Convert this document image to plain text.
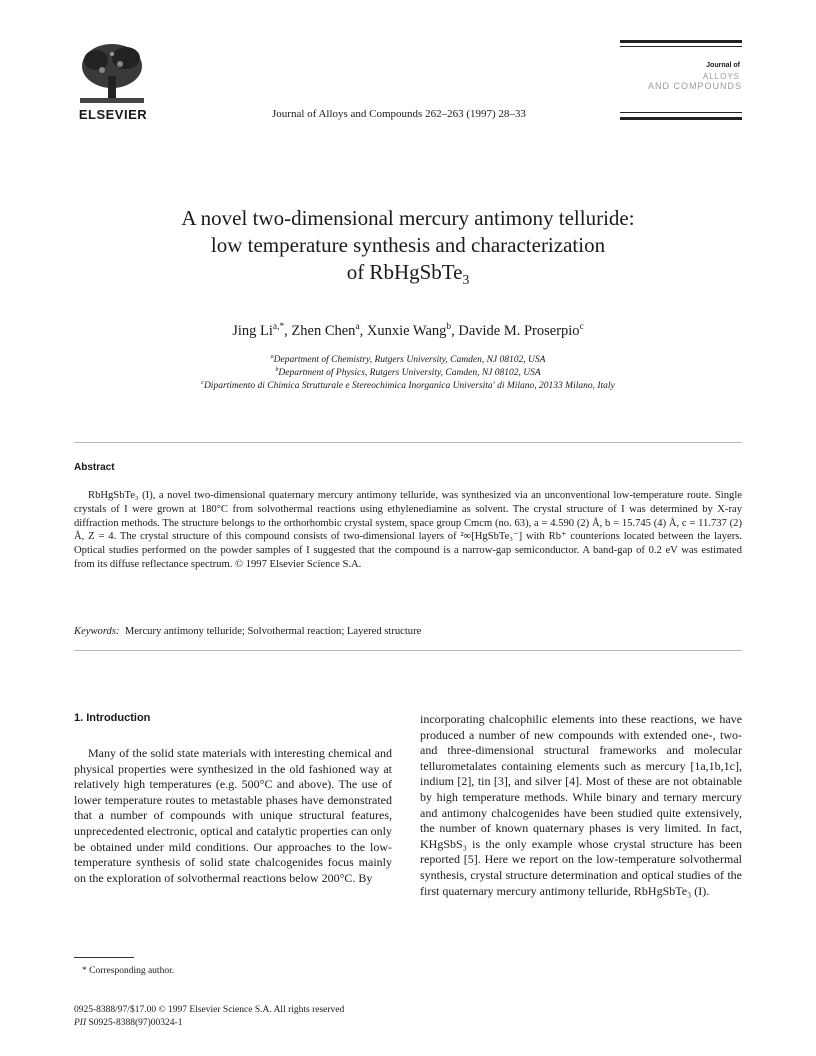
ELSEVIER	Journal of Alloys and Compounds 262–263 (1997) 28–33
Journal of
ALLOYS
AND COMPOUNDS
A novel two-dimensional mercury antimony telluride:
low temperature synthesis and characterization
of RbHgSbTe$_3$
Jing $Li^{a,*}$, Zhen Chen$^a$, Xunxie Wang$^b$, Davide M. Proserpio$^c$
$^a$Department of Chemistry, Rutgers University, Camden, NJ 08102, USA
$^b$Department of Physics, Rutgers University, Camden, NJ 08102, USA
$^c$Dipartimento di Chimica Strutturale e Stereochimica Inorganica Universita' di Milano, 20133 Milano, Italy
Abstract
RbHgSbTe₃ (I), a novel two-dimensional quaternary mercury antimony telluride, was synthesized via an unconventional low-temperature route. Single crystals of I were grown at 180°C from solvothermal reactions using ethylenediamine as solvent. The crystal structure of I was determined by X-ray diffraction methods. The structure belongs to the orthorhombic crystal system, space group Cmcm (no. 63), a = 4.590 (2) Å, b = 15.745 (4) Å, c = 11.737 (2) Å, Z = 4. The crystal structure of this compound consists of two-dimensional layers of ²∞[HgSbTe₃⁻] with Rb⁺ counterions located between the layers. Optical studies performed on the powder samples of I suggested that the compound is a narrow-gap semiconductor. A band-gap of 0.2 eV was estimated from its diffuse reflectance spectrum. © 1997 Elsevier Science S.A.
Keywords: Mercury antimony telluride; Solvothermal reaction; Layered structure
1. Introduction
Many of the solid state materials with interesting chemical and physical properties were synthesized in the old fashioned way at relatively high temperatures (e.g. 500°C and above). The use of lower temperature routes to metastable phases have demonstrated that a number of compounds with unique structural features, unprecedented electronic, optical and catalytic properties can only be obtained under mild conditions. Our approaches to the low-temperature synthesis of solid state chalcogenides focus mainly on the exploration of solvothermal reactions below 200°C. By
incorporating chalcophilic elements into these reactions, we have produced a number of new compounds with extended one-, two- and three-dimensional structural frameworks and molecular tellurometalates containing elements such as mercury [1a,1b,1c], indium [2], tin [3], and silver [4]. Most of these are not obtainable by high temperature methods. While binary and ternary mercury and antimony chalcogenides have been studied quite extensively, the number of known quaternary phases is very limited. In fact, KHgSbS₃ is the only example whose crystal structure has been reported [5]. Here we report on the low-temperature solvothermal synthesis, crystal structure determination and optical studies of the first quaternary mercury antimony telluride, RbHgSbTe₃ (I).
* Corresponding author.
0925-8388/97/$17.00 © 1997 Elsevier Science S.A. All rights reserved
PII S0925-8388(97)00324-1
